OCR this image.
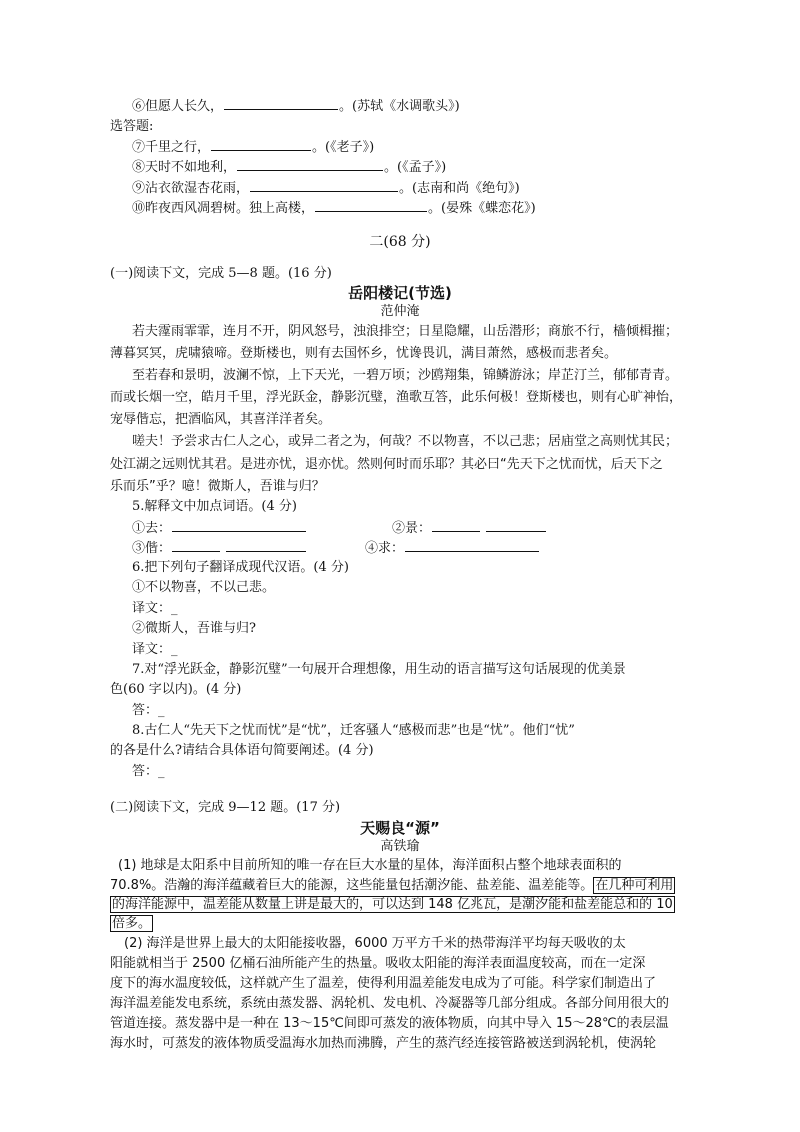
⑥但愿人长久，	。(苏轼《水调歌头》)
选答题:
⑦千里之行，	。(《老子》)
⑧天时不如地利，	。(《孟子》)
⑨沾衣欲湿杏花雨，	。(志南和尚《绝句》)
⑩昨夜西风凋碧树。独上高楼，	。(晏殊《蝶恋花》)
二(68 分)
(一)阅读下文，完成 5—8 题。(16 分)
岳阳楼记(节选)
范仲淹
若夫霪雨霏霏，连月不开，阴风怒号，浊浪排空；日星隐耀，山岳潜形；商旅不行，樯倾楫摧；
薄暮冥冥，虎啸猿啼。登斯楼也，则有去国怀乡，忧谗畏讥，满目萧然，感极而悲者矣。
至若春和景明，波澜不惊，上下天光，一碧万顷；沙鸥翔集，锦鳞游泳；岸芷汀兰，郁郁青青。
而或长烟一空，皓月千里，浮光跃金，静影沉璧，渔歌互答，此乐何极！登斯楼也，则有心旷神怡，
宠辱偕忘，把酒临风，其喜洋洋者矣。
嗟夫！予尝求古仁人之心，或异二者之为，何哉？不以物喜，不以己悲；居庙堂之高则忧其民；
处江湖之远则忧其君。是进亦忧，退亦忧。然则何时而乐耶？其必曰“先天下之忧而忧，后天下之
乐而乐”乎？噫！微斯人，吾谁与归？
5.解释文中加点词语。(4 分)
①去：	②景：
③偕：	④求：
6.把下列句子翻译成现代汉语。(4 分)
①不以物喜，不以己悲。
译文：_
②微斯人，吾谁与归?
译文：_
7.对“浮光跃金，静影沉璧”一句展开合理想像，用生动的语言描写这句话展现的优美景
色(60 字以内)。(4 分)
答：_
8.古仁人“先天下之忧而忧”是“忧”，迁客骚人“感极而悲”也是“忧”。他们“忧”
的各是什么?请结合具体语句简要阐述。(4 分)
答：_
(二)阅读下文，完成 9—12 题。(17 分)
天赐良“源”
高铁瑜
(1) 地球是太阳系中目前所知的唯一存在巨大水量的星体，海洋面积占整个地球表面积的
70.8%。浩瀚的海洋蕴藏着巨大的能源，这些能量包括潮汐能、盐差能、温差能等。 在几种可利用
的海洋能源中，温差能从数量上讲是最大的，可以达到 148 亿兆瓦，是潮汐能和盐差能总和的 10
倍多。
(2) 海洋是世界上最大的太阳能接收器，6000 万平方千米的热带海洋平均每天吸收的太
阳能就相当于 2500 亿桶石油所能产生的热量。吸收太阳能的海洋表面温度较高，而在一定深
度下的海水温度较低，这样就产生了温差，使得利用温差能发电成为了可能。科学家们制造出了
海洋温差能发电系统，系统由蒸发器、涡轮机、发电机、冷凝器等几部分组成。各部分间用很大的
管道连接。蒸发器中是一种在 13～15℃间即可蒸发的液体物质，向其中导入 15～28℃的表层温
海水时，可蒸发的液体物质受温海水加热而沸腾，产生的蒸汽经连接管路被送到涡轮机，使涡轮
